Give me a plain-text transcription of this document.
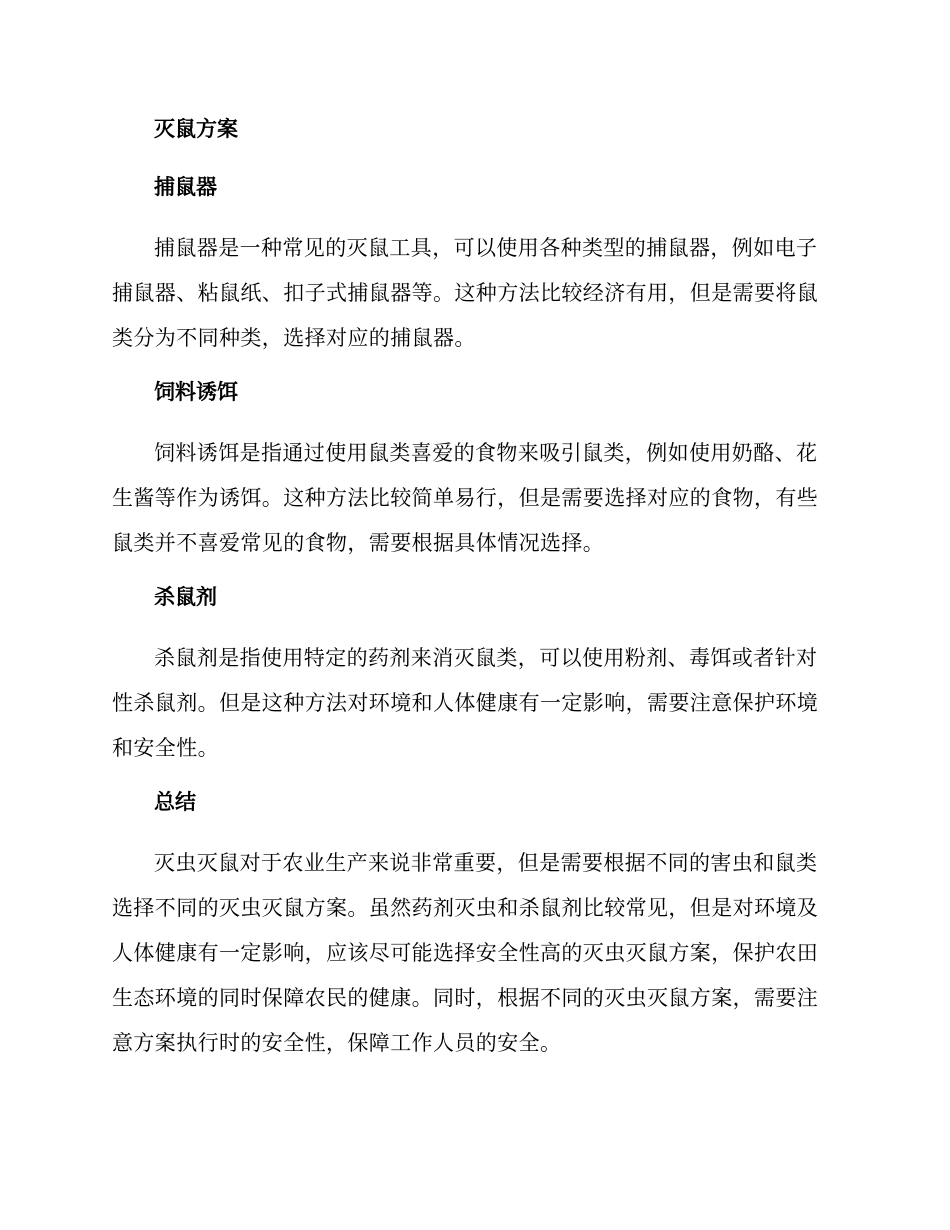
灭鼠方案
捕鼠器

捕鼠器是一种常见的灭鼠工具，可以使用各种类型的捕鼠器，例如电子捕鼠器、粘鼠纸、扣子式捕鼠器等。这种方法比较经济有用，但是需要将鼠类分为不同种类，选择对应的捕鼠器。

饲料诱饵

饲料诱饵是指通过使用鼠类喜爱的食物来吸引鼠类，例如使用奶酪、花生酱等作为诱饵。这种方法比较简单易行，但是需要选择对应的食物，有些鼠类并不喜爱常见的食物，需要根据具体情况选择。

杀鼠剂

杀鼠剂是指使用特定的药剂来消灭鼠类，可以使用粉剂、毒饵或者针对性杀鼠剂。但是这种方法对环境和人体健康有一定影响，需要注意保护环境和安全性。

总结

灭虫灭鼠对于农业生产来说非常重要，但是需要根据不同的害虫和鼠类选择不同的灭虫灭鼠方案。虽然药剂灭虫和杀鼠剂比较常见，但是对环境及人体健康有一定影响，应该尽可能选择安全性高的灭虫灭鼠方案，保护农田生态环境的同时保障农民的健康。同时，根据不同的灭虫灭鼠方案，需要注意方案执行时的安全性，保障工作人员的安全。
